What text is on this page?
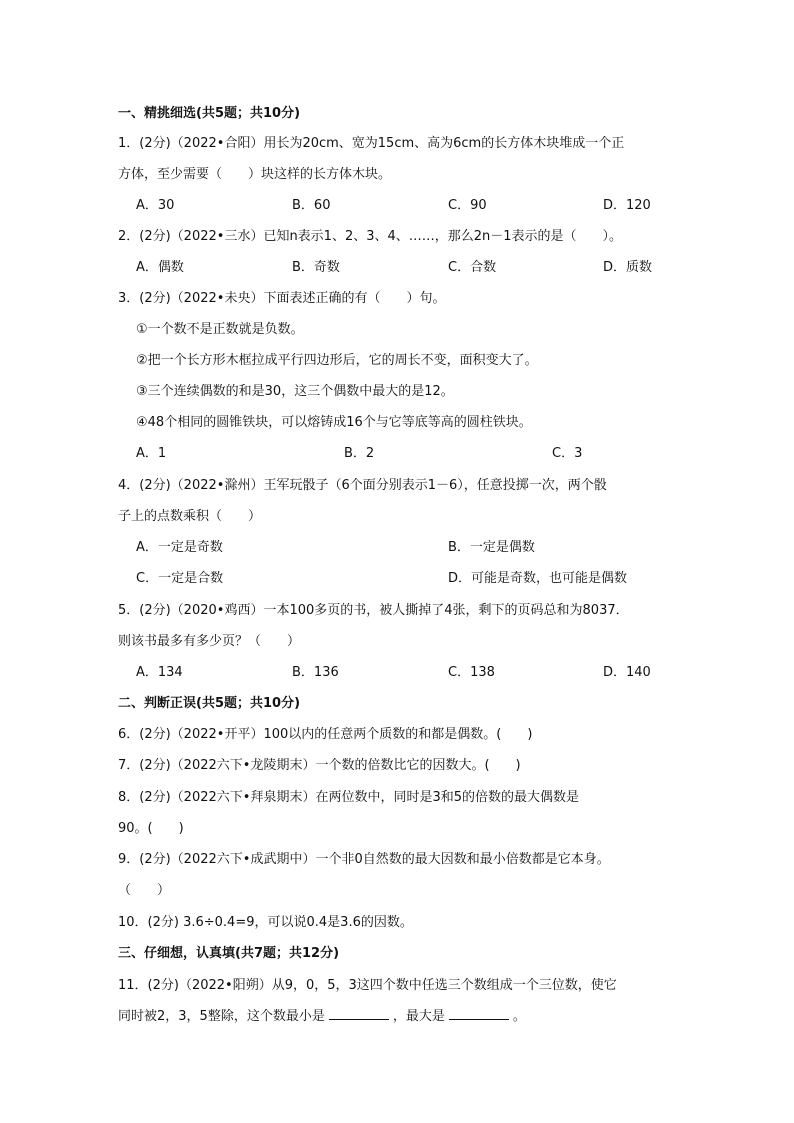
一、精挑细选(共5题；共10分)
1．(2分)（2022•合阳）用长为20cm、宽为15cm、高为6cm的长方体木块堆成一个正
方体，至少需要（　　）块这样的长方体木块。
A．30	B．60	C．90	D．120
2．(2分)（2022•三水）已知n表示1、2、3、4、……，那么2n－1表示的是（　　）。
A．偶数	B．奇数	C．合数	D．质数
3．(2分)（2022•未央）下面表述正确的有（　　）句。
①一个数不是正数就是负数。
②把一个长方形木框拉成平行四边形后，它的周长不变，面积变大了。
③三个连续偶数的和是30，这三个偶数中最大的是12。
④48个相同的圆锥铁块，可以熔铸成16个与它等底等高的圆柱铁块。
A．1	B．2	C．3
4．(2分)（2022•滁州）王军玩骰子（6个面分别表示1－6），任意投掷一次，两个骰
子上的点数乘积（　　）
A．一定是奇数	B．一定是偶数
C．一定是合数	D．可能是奇数，也可能是偶数
5．(2分)（2020•鸡西）一本100多页的书，被人撕掉了4张，剩下的页码总和为8037．
则该书最多有多少页？（　　）
A．134	B．136	C．138	D．140
二、判断正误(共5题；共10分)
6．(2分)（2022•开平）100以内的任意两个质数的和都是偶数。(　　)
7．(2分)（2022六下•龙陵期末）一个数的倍数比它的因数大。(　　)
8．(2分)（2022六下•拜泉期末）在两位数中，同时是3和5的倍数的最大偶数是
90。(　　)
9．(2分)（2022六下•成武期中）一个非0自然数的最大因数和最小倍数都是它本身。
（　　）
10．(2分) 3.6÷0.4=9，可以说0.4是3.6的因数。
三、仔细想，认真填(共7题；共12分)
11．(2分)（2022•阳朔）从9，0，5，3这四个数中任选三个数组成一个三位数，使它
同时被2，3，5整除，这个数最小是	，最大是	。
